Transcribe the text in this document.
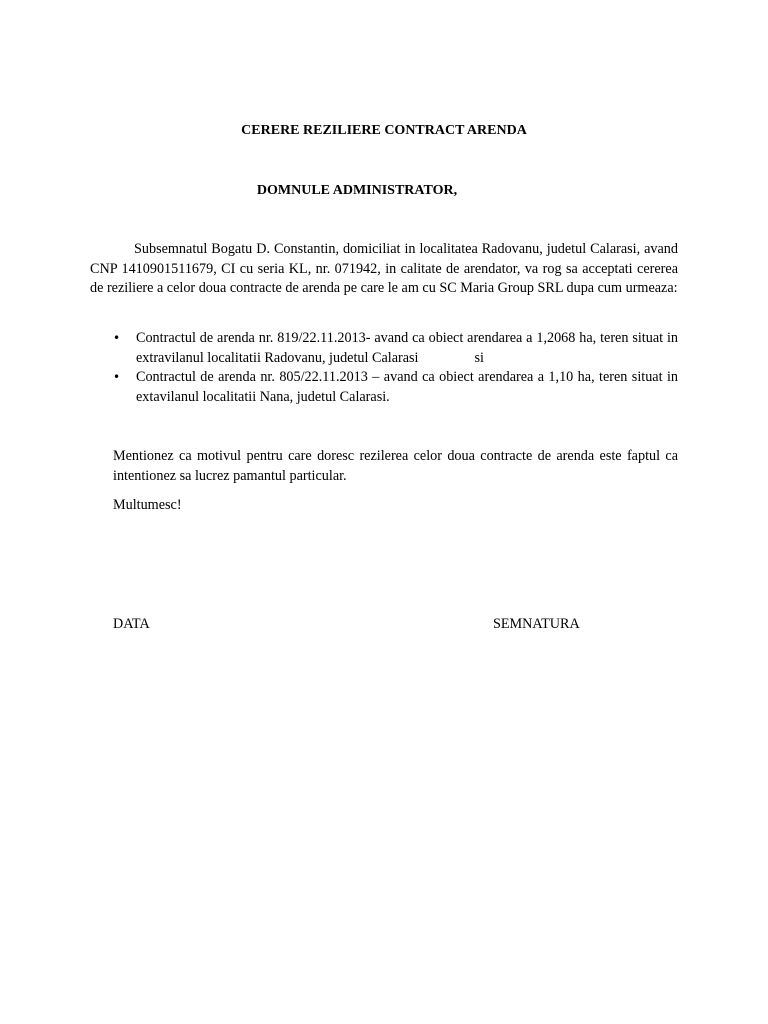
CERERE REZILIERE CONTRACT ARENDA
DOMNULE ADMINISTRATOR,

Subsemnatul Bogatu D. Constantin, domiciliat in localitatea Radovanu, judetul Calarasi, avand CNP 1410901511679, CI cu seria KL, nr. 071942, in calitate de arendator, va rog sa acceptati cererea de reziliere a celor doua contracte de arenda pe care le am cu SC Maria Group SRL dupa cum urmeaza:

• Contractul de arenda nr. 819/22.11.2013- avand ca obiect arendarea a 1,2068 ha, teren situat in extravilanul localitatii Radovanu, judetul Calarasi	si
• Contractul de arenda nr. 805/22.11.2013 – avand ca obiect arendarea a 1,10 ha, teren situat in extavilanul localitatii Nana, judetul Calarasi.

Mentionez ca motivul pentru care doresc rezilerea celor doua contracte de arenda este faptul ca intentionez sa lucrez pamantul particular.

Multumesc!

DATA	SEMNATURA
